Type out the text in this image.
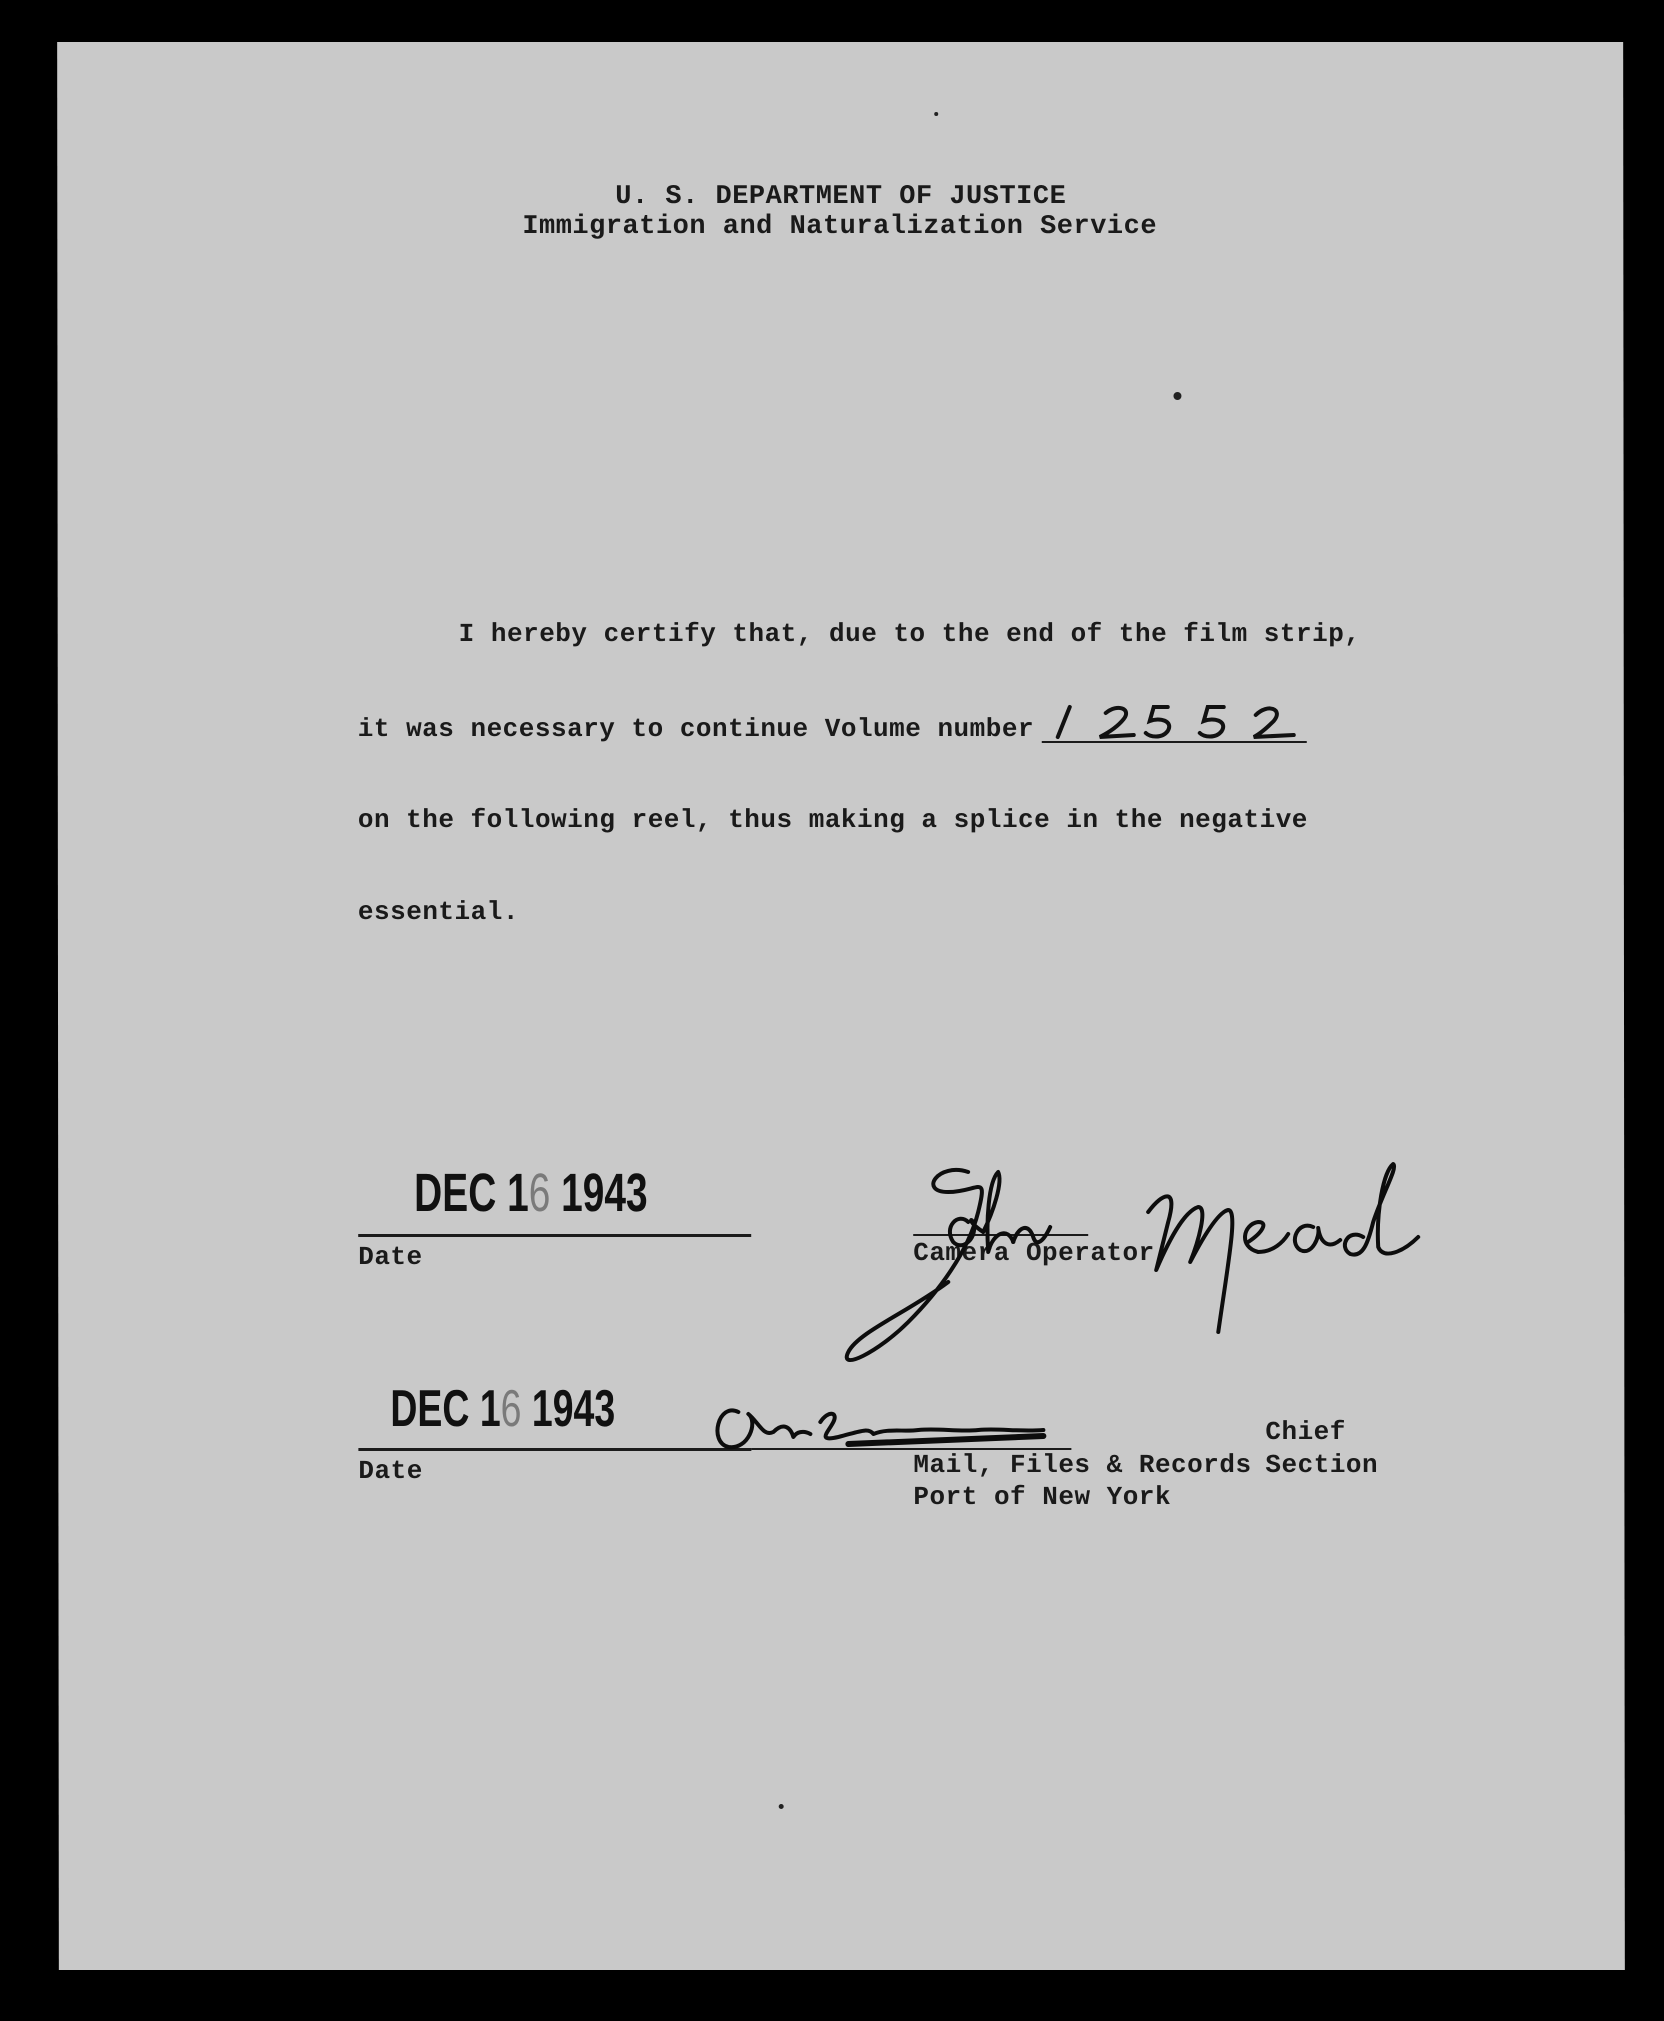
U. S. DEPARTMENT OF JUSTICE
Immigration and Naturalization Service
I hereby certify that, due to the end of the film strip,
it was necessary to continue Volume number
on the following reel, thus making a splice in the negative
essential.
DEC 16 1943
Date	Camera Operator
DEC 16 1943
Date
Chief
Mail, Files & Records Section
Port of New York
